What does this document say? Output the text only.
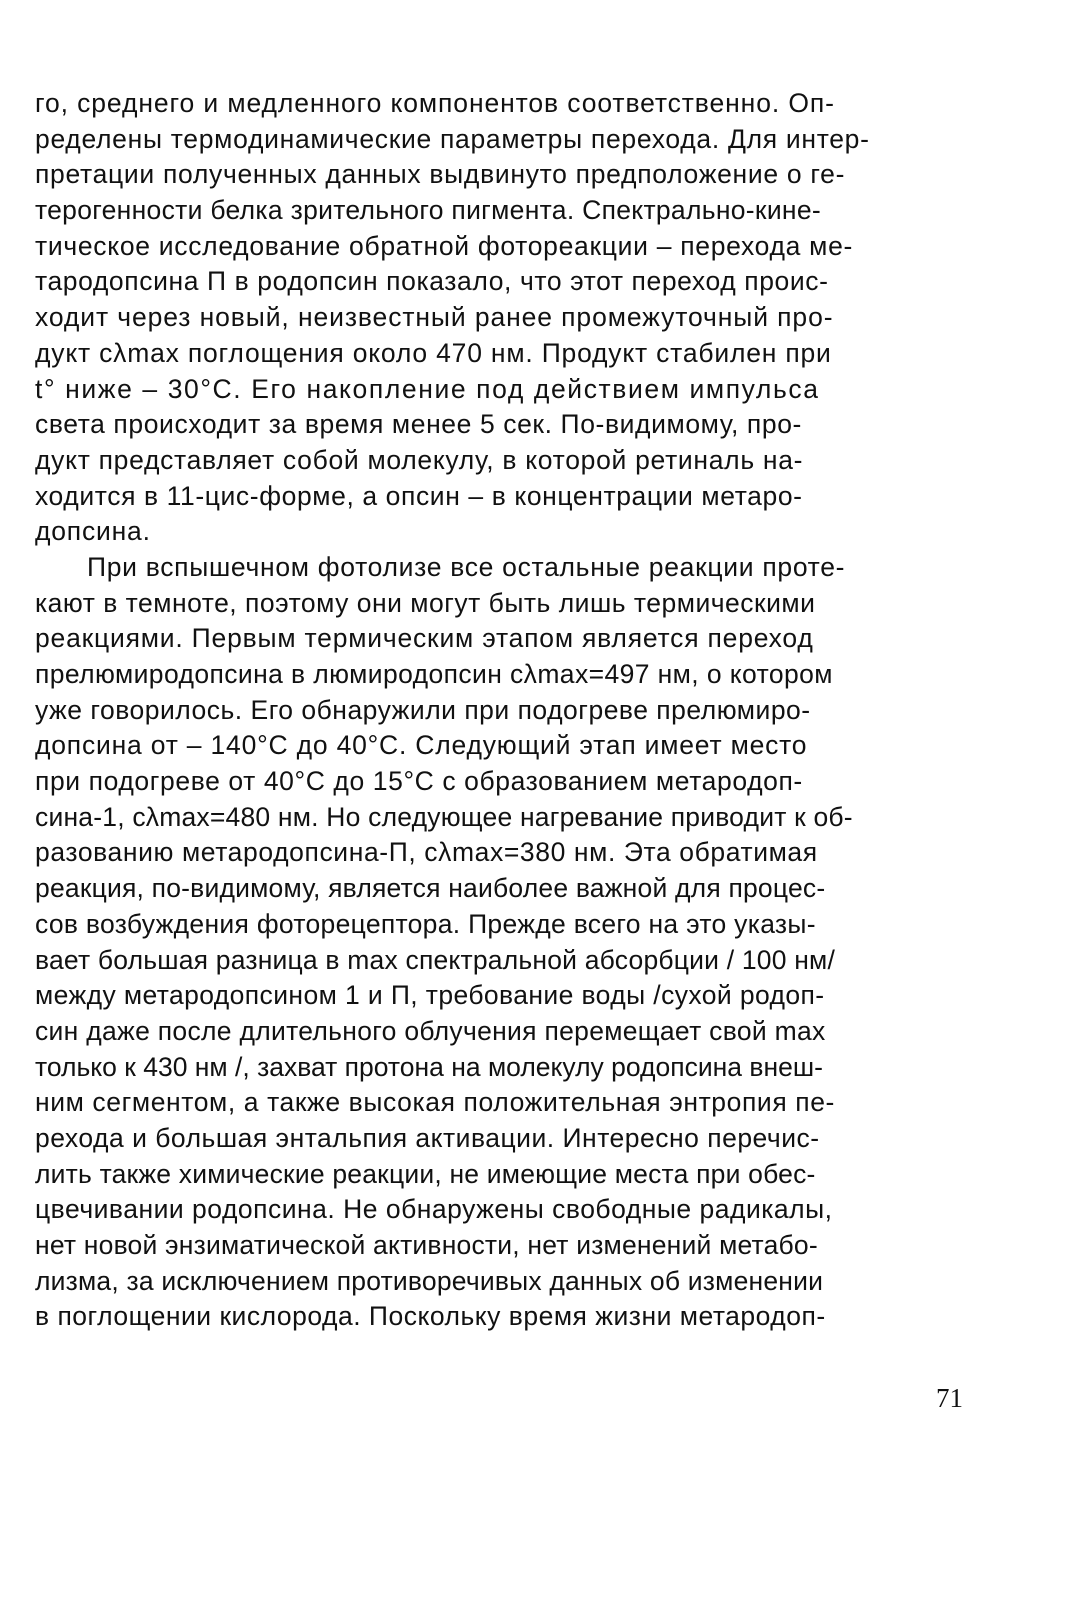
го, среднего и медленного компонентов соответственно. Оп-
ределены термодинамические параметры перехода. Для интер-
претации полученных данных выдвинуто предположение о ге-
терогенности белка зрительного пигмента. Спектрально-кине-
тическое исследование обратной фотореакции – перехода ме-
тародопсина П в родопсин показало, что этот переход проис-
ходит через новый, неизвестный ранее промежуточный про-
дукт сλmax поглощения около 470 нм. Продукт стабилен при
t° ниже – 30°С. Его накопление под действием импульса
света происходит за время менее 5 сек. По-видимому, про-
дукт представляет собой молекулу, в которой ретиналь на-
ходится в 11-цис-форме, а опсин – в концентрации метаро-
допсина.
При вспышечном фотолизе все остальные реакции проте-
кают в темноте, поэтому они могут быть лишь термическими
реакциями. Первым термическим этапом является переход
прелюмиродопсина в люмиродопсин сλmax=497 нм, о котором
уже говорилось. Его обнаружили при подогреве прелюмиро-
допсина от – 140°С до 40°С. Следующий этап имеет место
при подогреве от 40°С до 15°С с образованием метародоп-
сина-1, сλmax=480 нм. Но следующее нагревание приводит к об-
разованию метародопсина-П, сλmax=380 нм. Эта обратимая
реакция, по-видимому, является наиболее важной для процес-
сов возбуждения фоторецептора. Прежде всего на это указы-
вает большая разница в max спектральной абсорбции / 100 нм/
между метародопсином 1 и П, требование воды /сухой родоп-
син даже после длительного облучения перемещает свой max
только к 430 нм /, захват протона на молекулу родопсина внеш-
ним сегментом, а также высокая положительная энтропия пе-
рехода и большая энтальпия активации. Интересно перечис-
лить также химические реакции, не имеющие места при обес-
цвечивании родопсина. Не обнаружены свободные радикалы,
нет новой энзиматической активности, нет изменений метабо-
лизма, за исключением противоречивых данных об изменении
в поглощении кислорода. Поскольку время жизни метародоп-
71
